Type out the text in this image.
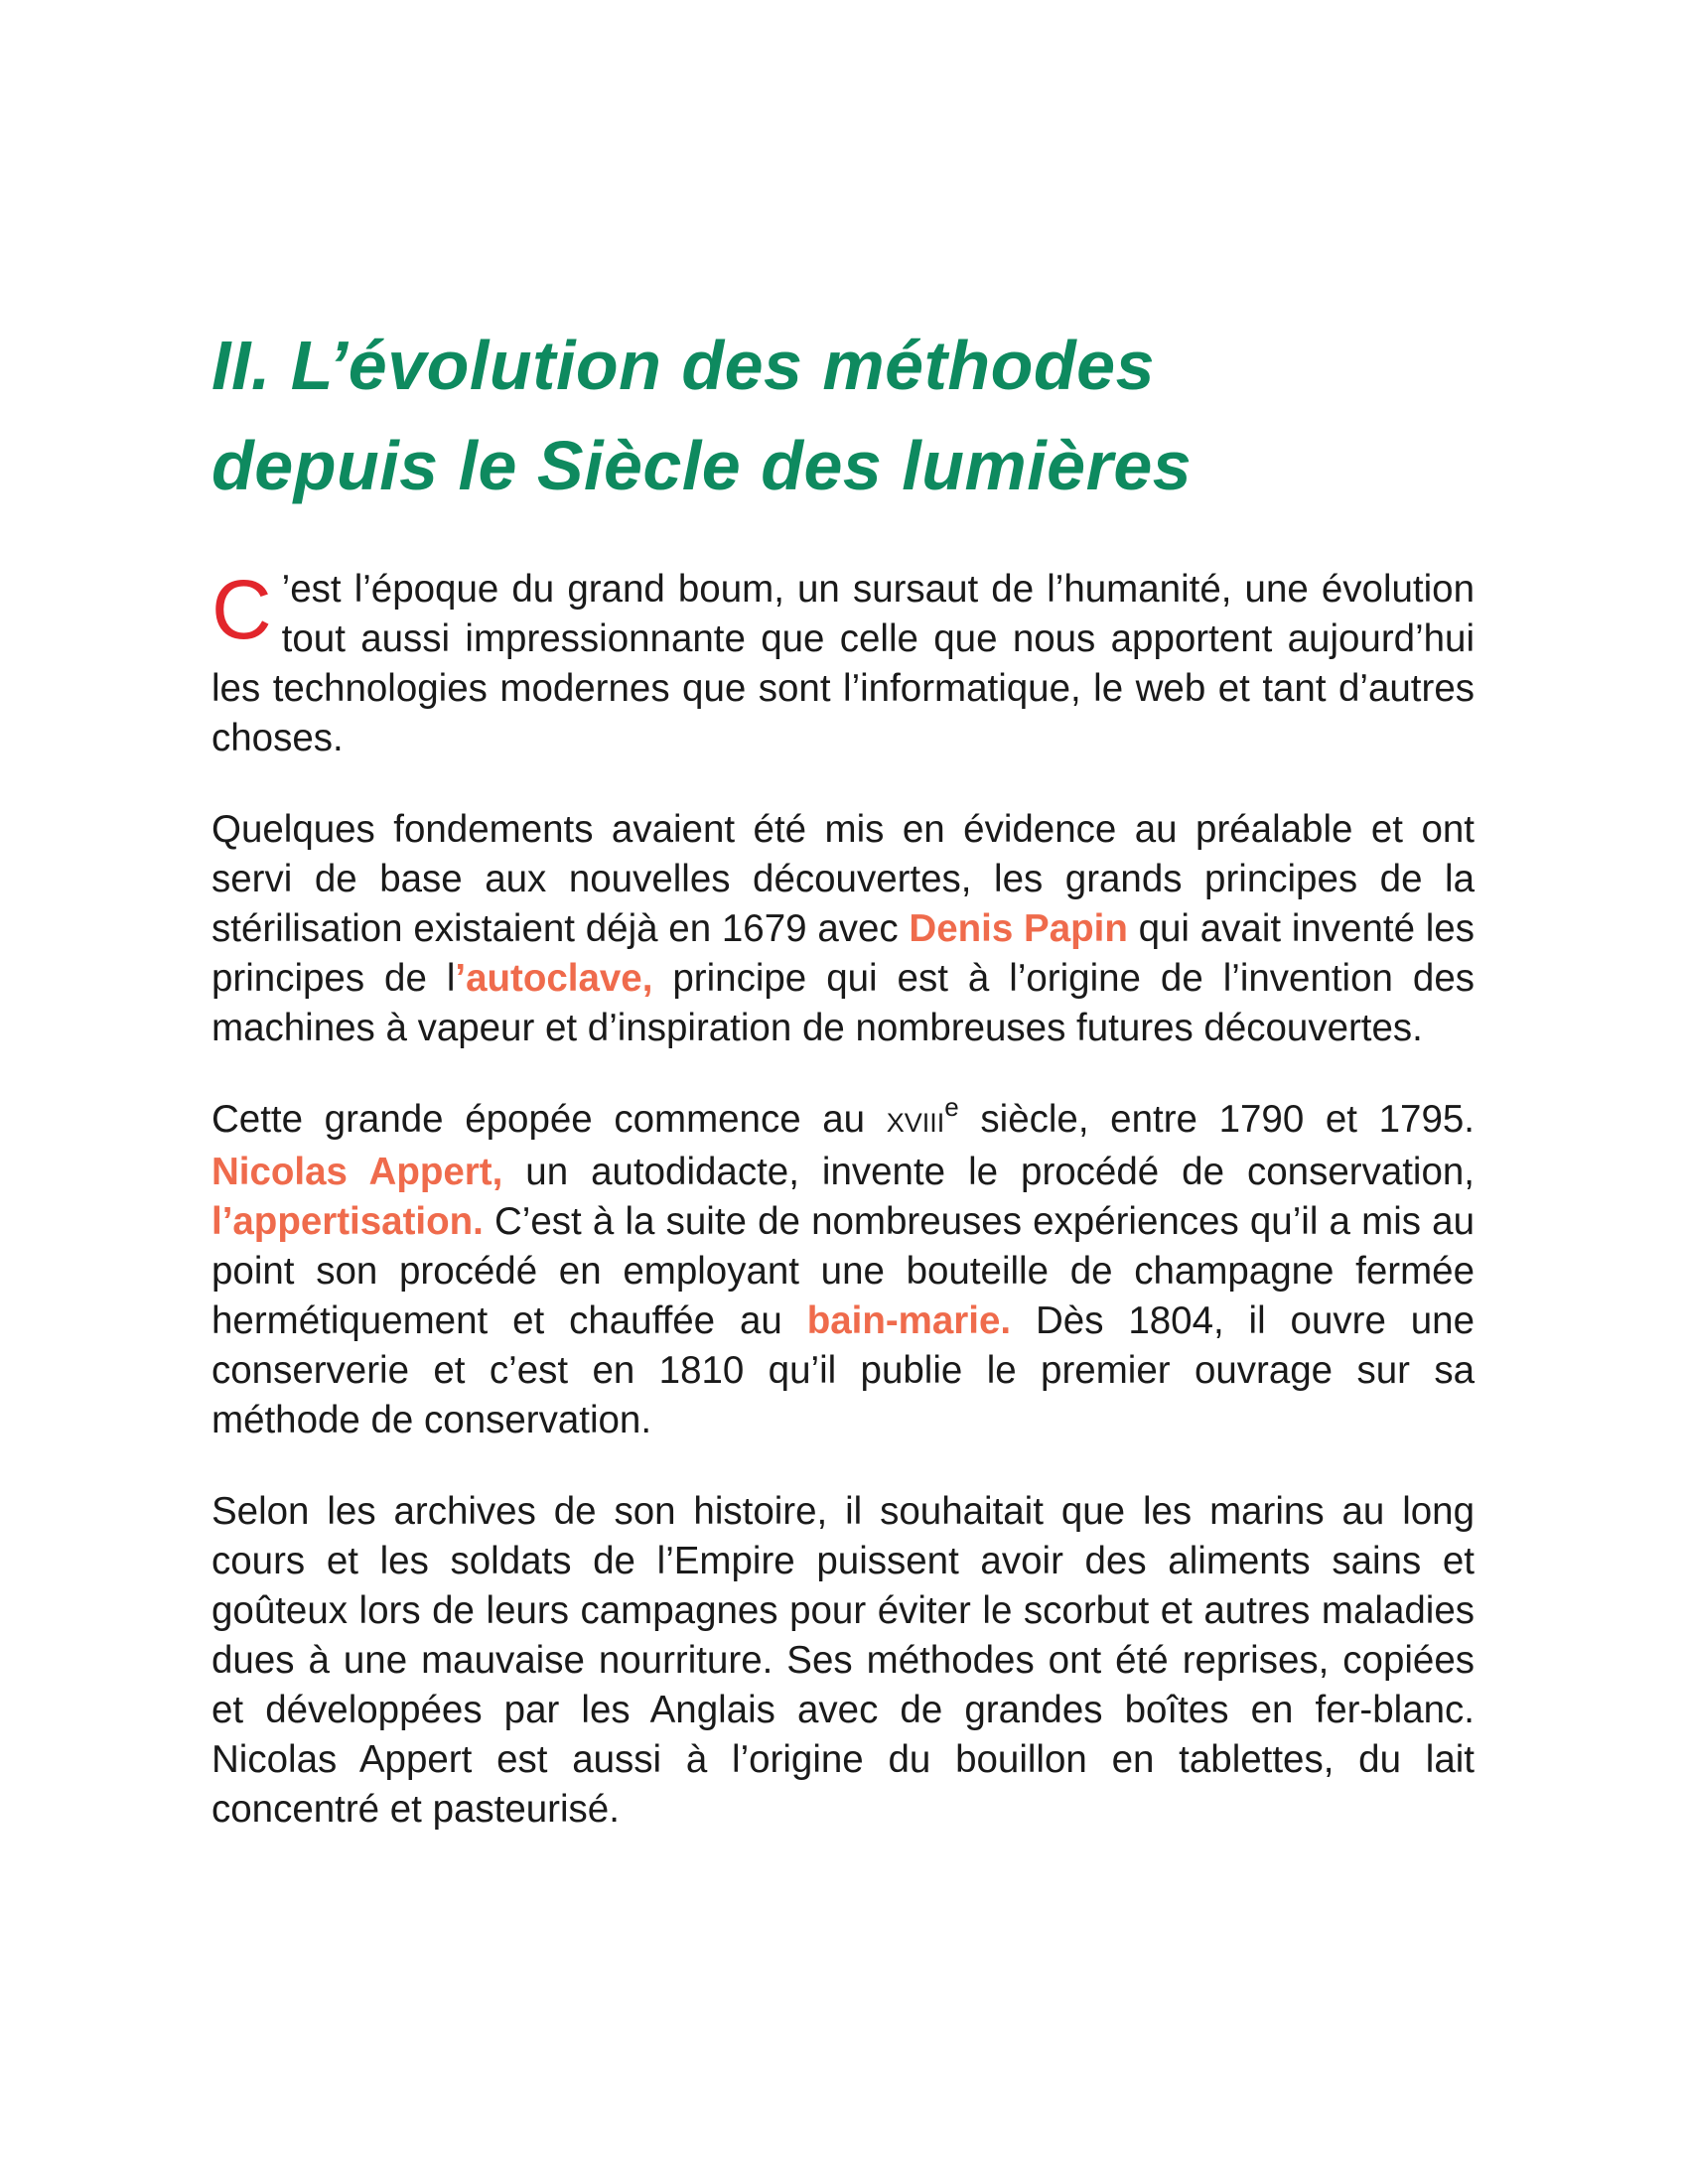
II. L’évolution des méthodes
depuis le Siècle des lumières

C ’est l’époque du grand boum, un sursaut de l’humanité, une évolution tout aussi impressionnante que celle que nous apportent aujourd’hui les technologies modernes que sont l’informatique, le web et tant d’autres choses.

Quelques fondements avaient été mis en évidence au préalable et ont servi de base aux nouvelles découvertes, les grands principes de la stérilisation existaient déjà en 1679 avec Denis Papin qui avait inventé les principes de l’autoclave, principe qui est à l’origine de l’invention des machines à vapeur et d’inspiration de nombreuses futures découvertes.

Cette grande épopée commence au XVIIIe siècle, entre 1790 et 1795. Nicolas Appert, un autodidacte, invente le procédé de conservation, l’appertisation. C’est à la suite de nombreuses expériences qu’il a mis au point son procédé en employant une bouteille de champagne fermée hermétiquement et chauffée au bain-marie. Dès 1804, il ouvre une conserverie et c’est en 1810 qu’il publie le premier ouvrage sur sa méthode de conservation.

Selon les archives de son histoire, il souhaitait que les marins au long cours et les soldats de l’Empire puissent avoir des aliments sains et goûteux lors de leurs campagnes pour éviter le scorbut et autres maladies dues à une mauvaise nourriture. Ses méthodes ont été reprises, copiées et développées par les Anglais avec de grandes boîtes en fer-blanc. Nicolas Appert est aussi à l’origine du bouillon en tablettes, du lait concentré et pasteurisé.
